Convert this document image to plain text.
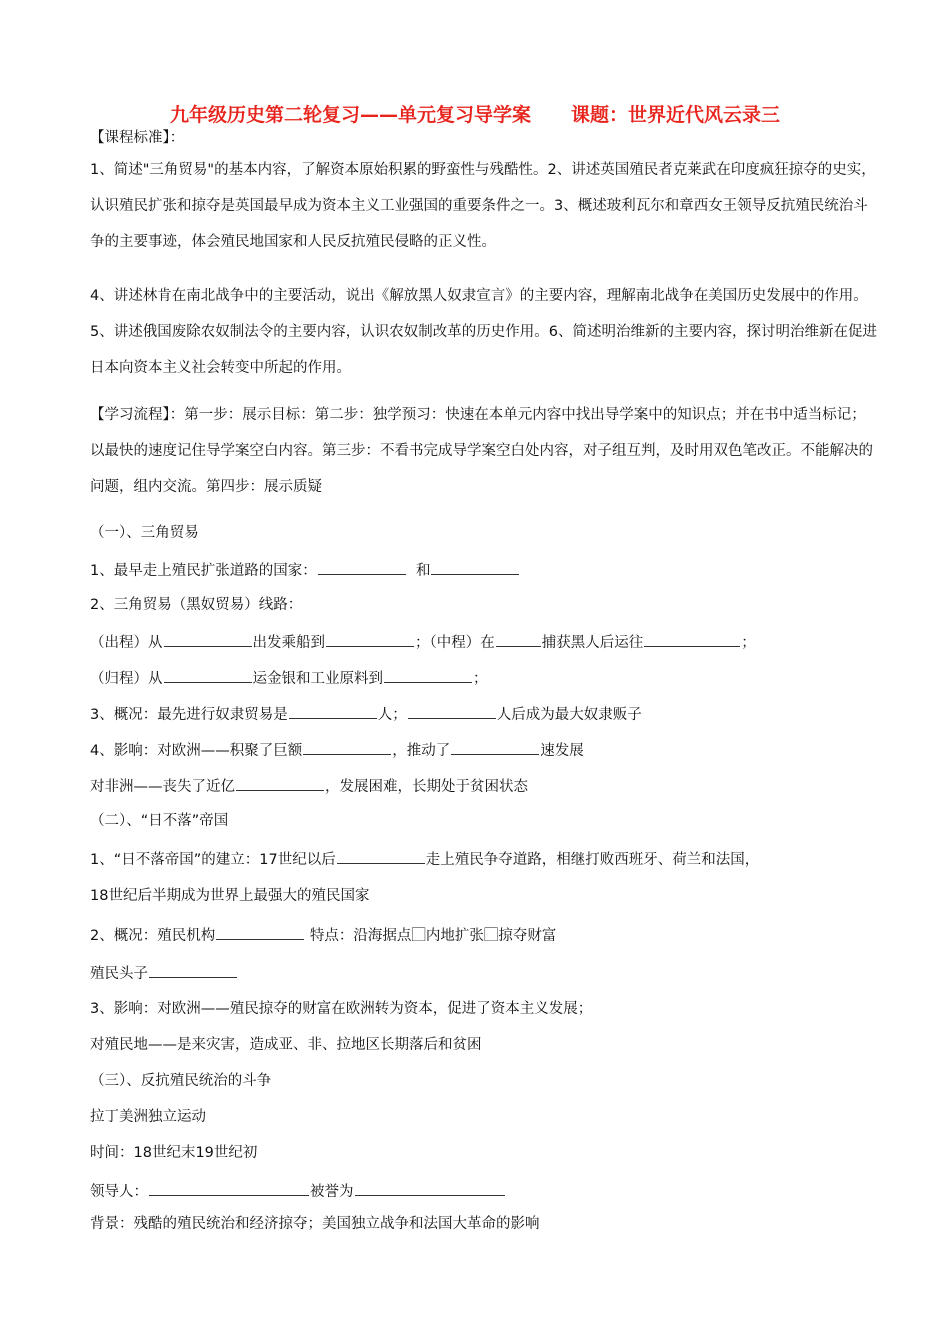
九年级历史第二轮复习——单元复习导学案 课题：世界近代风云录三
【课程标准】：
1、简述"三角贸易"的基本内容，了解资本原始积累的野蛮性与残酷性。2、讲述英国殖民者克莱武在印度疯狂掠夺的史实，认识殖民扩张和掠夺是英国最早成为资本主义工业强国的重要条件之一。3、概述玻利瓦尔和章西女王领导反抗殖民统治斗争的主要事迹，体会殖民地国家和人民反抗殖民侵略的正义性。
4、讲述林肯在南北战争中的主要活动，说出《解放黑人奴隶宣言》的主要内容，理解南北战争在美国历史发展中的作用。5、讲述俄国废除农奴制法令的主要内容，认识农奴制改革的历史作用。6、简述明治维新的主要内容，探讨明治维新在促进日本向资本主义社会转变中所起的作用。
【学习流程】：第一步：展示目标：第二步：独学预习：快速在本单元内容中找出导学案中的知识点；并在书中适当标记；以最快的速度记住导学案空白内容。第三步：不看书完成导学案空白处内容，对子组互判，及时用双色笔改正。不能解决的问题，组内交流。第四步：展示质疑
（一）、三角贸易
1、最早走上殖民扩张道路的国家：	和
2、三角贸易（黑奴贸易）线路：
（出程）从	出发乘船到	；（中程）在	捕获黑人后运往	；
（归程）从	运金银和工业原料到	；
3、概况：最先进行奴隶贸易是	人；	人后成为最大奴隶贩子
4、影响：对欧洲——积聚了巨额	，推动了	速发展
对非洲——丧失了近亿	，发展困难，长期处于贫困状态
（二）、“日不落”帝国
1、“日不落帝国”的建立：17世纪以后	走上殖民争夺道路，相继打败西班牙、荷兰和法国，
18世纪后半期成为世界上最强大的殖民国家
2、概况：殖民机构	特点：沿海据点⃞内地扩张⃞掠夺财富
殖民头子
3、影响：对欧洲——殖民掠夺的财富在欧洲转为资本，促进了资本主义发展；
对殖民地——是来灾害，造成亚、非、拉地区长期落后和贫困
（三）、反抗殖民统治的斗争
拉丁美洲独立运动
时间：18世纪末19世纪初
领导人：	被誉为
背景：残酷的殖民统治和经济掠夺；美国独立战争和法国大革命的影响
